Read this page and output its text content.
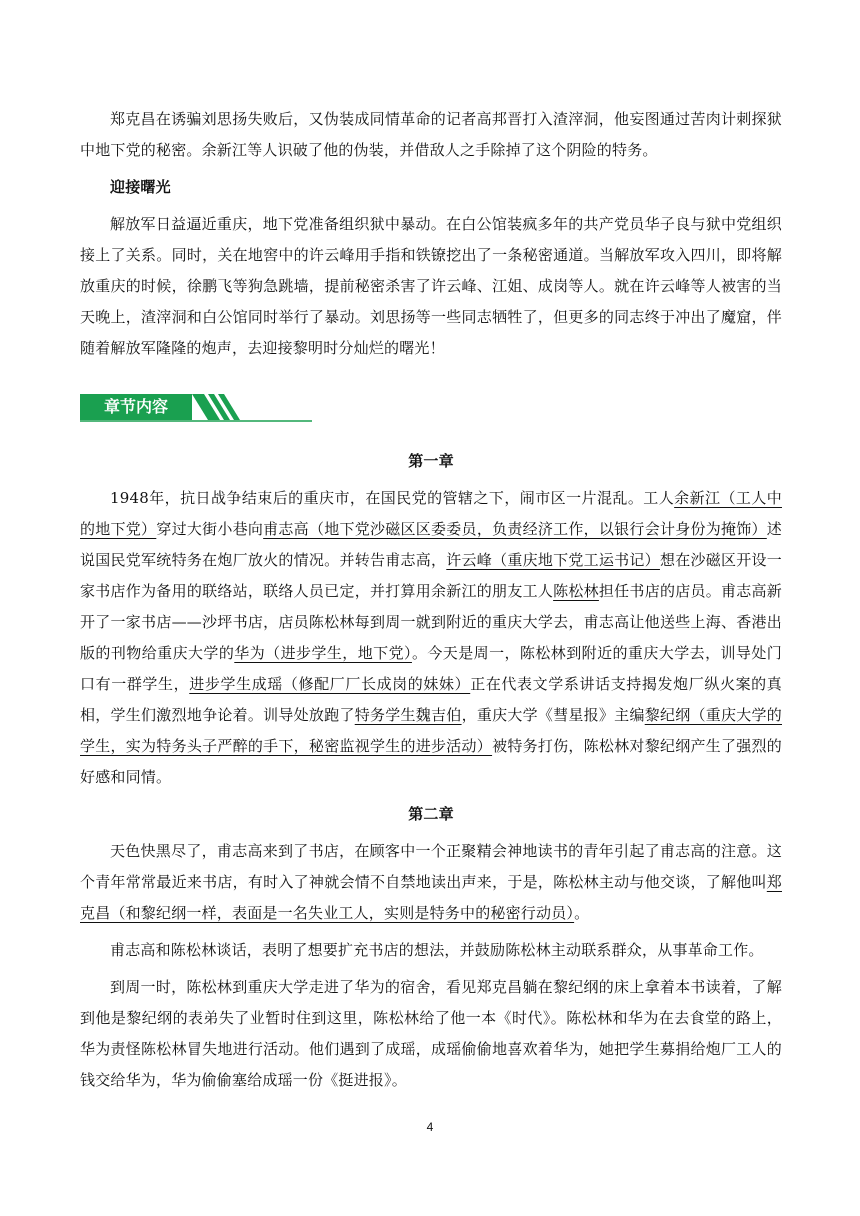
郑克昌在诱骗刘思扬失败后，又伪装成同情革命的记者高邦晋打入渣滓洞，他妄图通过苦肉计刺探狱中地下党的秘密。余新江等人识破了他的伪装，并借敌人之手除掉了这个阴险的特务。

迎接曙光

解放军日益逼近重庆，地下党准备组织狱中暴动。在白公馆装疯多年的共产党员华子良与狱中党组织接上了关系。同时，关在地窖中的许云峰用手指和铁镣挖出了一条秘密通道。当解放军攻入四川，即将解放重庆的时候，徐鹏飞等狗急跳墙，提前秘密杀害了许云峰、江姐、成岗等人。就在许云峰等人被害的当天晚上，渣滓洞和白公馆同时举行了暴动。刘思扬等一些同志牺牲了，但更多的同志终于冲出了魔窟，伴随着解放军隆隆的炮声，去迎接黎明时分灿烂的曙光！

章节内容

第一章

1948年，抗日战争结束后的重庆市，在国民党的管辖之下，闹市区一片混乱。工人余新江（工人中的地下党）穿过大街小巷向甫志高（地下党沙磁区区委委员，负责经济工作，以银行会计身份为掩饰）述说国民党军统特务在炮厂放火的情况。并转告甫志高，许云峰（重庆地下党工运书记）想在沙磁区开设一家书店作为备用的联络站，联络人员已定，并打算用余新江的朋友工人陈松林担任书店的店员。甫志高新开了一家书店——沙坪书店，店员陈松林每到周一就到附近的重庆大学去，甫志高让他送些上海、香港出版的刊物给重庆大学的华为（进步学生，地下党）。今天是周一，陈松林到附近的重庆大学去，训导处门口有一群学生，进步学生成瑶（修配厂厂长成岗的妹妹）正在代表文学系讲话支持揭发炮厂纵火案的真相，学生们激烈地争论着。训导处放跑了特务学生魏吉伯，重庆大学《彗星报》主编黎纪纲（重庆大学的学生，实为特务头子严醉的手下，秘密监视学生的进步活动）被特务打伤，陈松林对黎纪纲产生了强烈的好感和同情。

第二章

天色快黑尽了，甫志高来到了书店，在顾客中一个正聚精会神地读书的青年引起了甫志高的注意。这个青年常常最近来书店，有时入了神就会情不自禁地读出声来，于是，陈松林主动与他交谈，了解他叫郑克昌（和黎纪纲一样，表面是一名失业工人，实则是特务中的秘密行动员）。

甫志高和陈松林谈话，表明了想要扩充书店的想法，并鼓励陈松林主动联系群众，从事革命工作。

到周一时，陈松林到重庆大学走进了华为的宿舍，看见郑克昌躺在黎纪纲的床上拿着本书读着，了解到他是黎纪纲的表弟失了业暂时住到这里，陈松林给了他一本《时代》。陈松林和华为在去食堂的路上，华为责怪陈松林冒失地进行活动。他们遇到了成瑶，成瑶偷偷地喜欢着华为，她把学生募捐给炮厂工人的钱交给华为，华为偷偷塞给成瑶一份《挺进报》。

4
